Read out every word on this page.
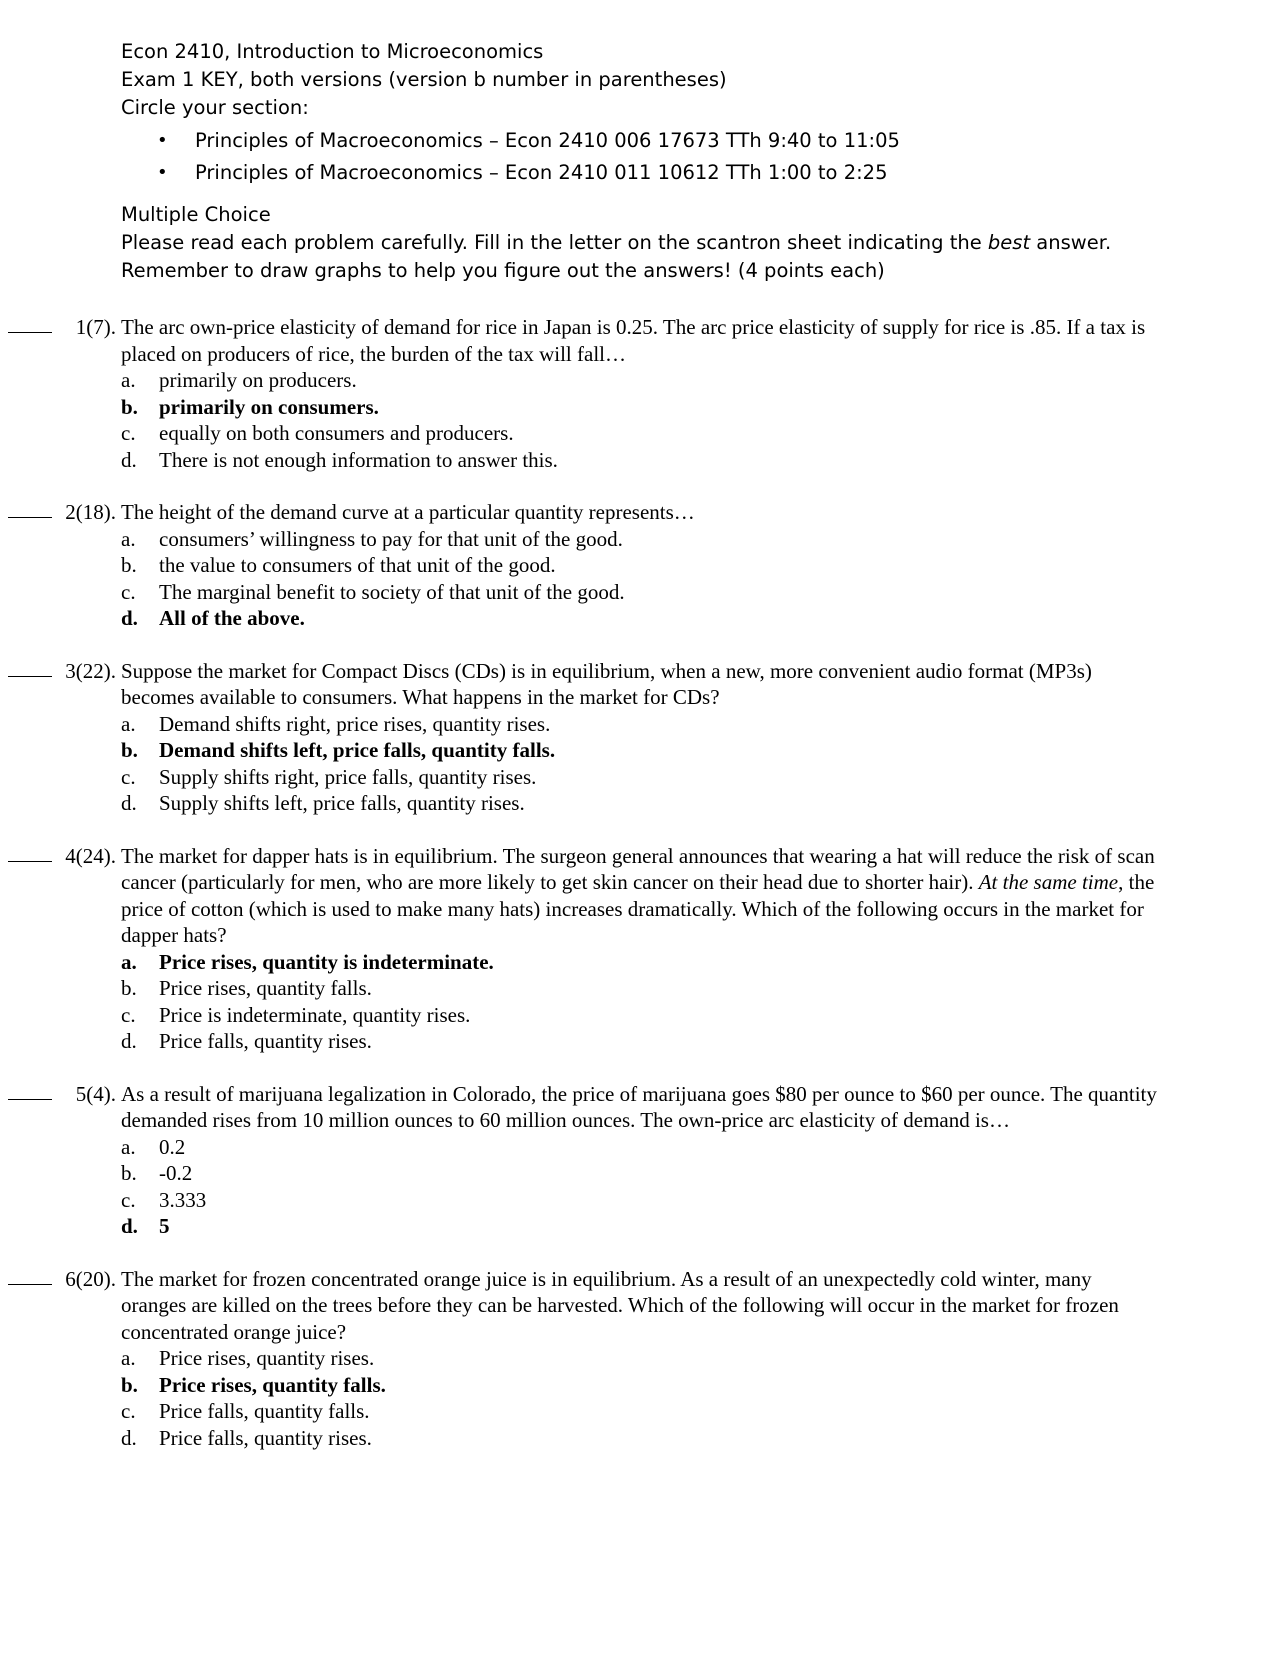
Econ 2410, Introduction to Microeconomics
Exam 1 KEY, both versions (version b number in parentheses)
Circle your section:
• Principles of Macroeconomics – Econ 2410 006 17673 TTh 9:40 to 11:05
• Principles of Macroeconomics – Econ 2410 011 10612 TTh 1:00 to 2:25
Multiple Choice
Please read each problem carefully. Fill in the letter on the scantron sheet indicating the best answer.
Remember to draw graphs to help you figure out the answers! (4 points each)
1(7). The arc own-price elasticity of demand for rice in Japan is 0.25. The arc price elasticity of supply for rice is .85. If a tax is placed on producers of rice, the burden of the tax will fall…
a. primarily on producers.
b. primarily on consumers.
c. equally on both consumers and producers.
d. There is not enough information to answer this.
2(18). The height of the demand curve at a particular quantity represents…
a. consumers’ willingness to pay for that unit of the good.
b. the value to consumers of that unit of the good.
c. The marginal benefit to society of that unit of the good.
d. All of the above.
3(22). Suppose the market for Compact Discs (CDs) is in equilibrium, when a new, more convenient audio format (MP3s) becomes available to consumers. What happens in the market for CDs?
a. Demand shifts right, price rises, quantity rises.
b. Demand shifts left, price falls, quantity falls.
c. Supply shifts right, price falls, quantity rises.
d. Supply shifts left, price falls, quantity rises.
4(24). The market for dapper hats is in equilibrium. The surgeon general announces that wearing a hat will reduce the risk of scan cancer (particularly for men, who are more likely to get skin cancer on their head due to shorter hair). At the same time, the price of cotton (which is used to make many hats) increases dramatically. Which of the following occurs in the market for dapper hats?
a. Price rises, quantity is indeterminate.
b. Price rises, quantity falls.
c. Price is indeterminate, quantity rises.
d. Price falls, quantity rises.
5(4). As a result of marijuana legalization in Colorado, the price of marijuana goes $80 per ounce to $60 per ounce. The quantity demanded rises from 10 million ounces to 60 million ounces. The own-price arc elasticity of demand is…
a. 0.2
b. -0.2
c. 3.333
d. 5
6(20). The market for frozen concentrated orange juice is in equilibrium. As a result of an unexpectedly cold winter, many oranges are killed on the trees before they can be harvested. Which of the following will occur in the market for frozen concentrated orange juice?
a. Price rises, quantity rises.
b. Price rises, quantity falls.
c. Price falls, quantity falls.
d. Price falls, quantity rises.
